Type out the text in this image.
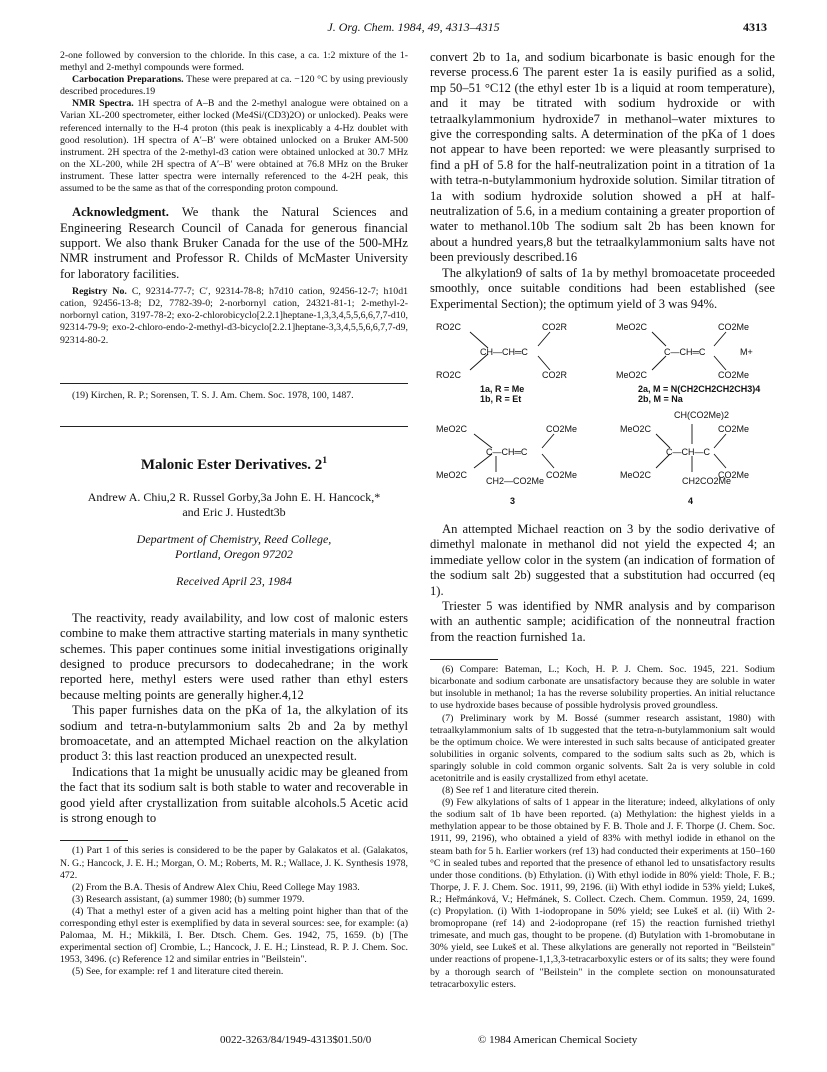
J. Org. Chem. 1984, 49, 4313–4315	4313

2-one followed by conversion to the chloride. In this case, a ca. 1:2 mixture of the 1-methyl and 2-methyl compounds were formed.

Carbocation Preparations. These were prepared at ca. −120 °C by using previously described procedures.19

NMR Spectra. 1H spectra of A–B and the 2-methyl analogue were obtained on a Varian XL-200 spectrometer, either locked (Me4Si/(CD3)2O) or unlocked). Peaks were referenced internally to the H-4 proton (this peak is inexplicably a 4-Hz doublet with good resolution). 1H spectra of A′–B′ were obtained unlocked on a Bruker AM-500 instrument. 2H spectra of the 2-methyl-d3 cation were obtained unlocked at 30.7 MHz on the XL-200, while 2H spectra of A′–B′ were obtained at 76.8 MHz on the Bruker instrument. These latter spectra were internally referenced to the 4-2H peak, this assumed to be the same as that of the corresponding proton compound.

Acknowledgment. We thank the Natural Sciences and Engineering Research Council of Canada for generous financial support. We also thank Bruker Canada for the use of the 500-MHz NMR instrument and Professor R. Childs of McMaster University for laboratory facilities.

Registry No. C, 92314-77-7; C′, 92314-78-8; h7d10 cation, 92456-12-7; h10d1 cation, 92456-13-8; D2, 7782-39-0; 2-norbornyl cation, 24321-81-1; 2-methyl-2-norbornyl cation, 3197-78-2; exo-2-chlorobicyclo[2.2.1]heptane-1,3,3,4,5,5,6,6,7,7-d10, 92314-79-9; exo-2-chloro-endo-2-methyl-d3-bicyclo[2.2.1]heptane-3,3,4,5,5,6,6,7,7-d9, 92314-80-2.

(19) Kirchen, R. P.; Sorensen, T. S. J. Am. Chem. Soc. 1978, 100, 1487.

Malonic Ester Derivatives. $2^1$

Andrew A. Chiu,2 R. Russel Gorby,3a John E. H. Hancock,*

and Eric J. Hustedt3b

Department of Chemistry, Reed College,

Portland, Oregon 97202

Received April 23, 1984

The reactivity, ready availability, and low cost of malonic esters combine to make them attractive starting materials in many synthetic schemes. This paper continues some initial investigations originally designed to produce precursors to dodecahedrane; in the work reported here, methyl esters were used rather than ethyl esters because melting points are generally higher.4,12

This paper furnishes data on the pKa of 1a, the alkylation of its sodium and tetra-n-butylammonium salts 2b and 2a by methyl bromoacetate, and an attempted Michael reaction on the alkylation product 3: this last reaction produced an unexpected result.

Indications that 1a might be unusually acidic may be gleaned from the fact that its sodium salt is both stable to water and recoverable in good yield after crystallization from suitable alcohols.5 Acetic acid is strong enough to

(1) Part 1 of this series is considered to be the paper by Galakatos et al. (Galakatos, N. G.; Hancock, J. E. H.; Morgan, O. M.; Roberts, M. R.; Wallace, J. K. Synthesis 1978, 472.

(2) From the B.A. Thesis of Andrew Alex Chiu, Reed College May 1983.

(3) Research assistant, (a) summer 1980; (b) summer 1979.

(4) That a methyl ester of a given acid has a melting point higher than that of the corresponding ethyl ester is exemplified by data in several sources: see, for example: (a) Palomaa, M. H.; Mikkilä, I. Ber. Dtsch. Chem. Ges. 1942, 75, 1659. (b) [The experimental section of] Crombie, L.; Hancock, J. E. H.; Linstead, R. P. J. Chem. Soc. 1953, 3496. (c) Reference 12 and similar entries in "Beilstein".

(5) See, for example: ref 1 and literature cited therein.

convert 2b to 1a, and sodium bicarbonate is basic enough for the reverse process.6 The parent ester 1a is easily purified as a solid, mp 50–51 °C12 (the ethyl ester 1b is a liquid at room temperature), and it may be titrated with sodium hydroxide or with tetraalkylammonium hydroxide7 in methanol–water mixtures to give the corresponding salts. A determination of the pKa of 1 does not appear to have been reported: we were pleasantly surprised to find a pH of 5.8 for the half-neutralization point in a titration of 1a with tetra-n-butylammonium hydroxide solution. Similar titration of 1a with sodium hydroxide solution showed a pH at half-neutralization of 5.6, in a medium containing a greater proportion of water to methanol.10b The sodium salt 2b has been known for about a hundred years,8 but the tetraalkylammonium salts have not been previously described.16

The alkylation9 of salts of 1a by methyl bromoacetate proceeded smoothly, once suitable conditions had been established (see Experimental Section); the optimum yield of 3 was 94%.

RO2C
RO2C
CH—CH═C
CO2R
CO2R
1a, R = Me
1b, R = Et
MeO2C
MeO2C
C—CH═C
CO2Me
CO2Me
M+
2a, M = N(CH2CH2CH2CH3)4
2b, M = Na
MeO2C
MeO2C
C—CH═C
CO2Me
CO2Me
CH2—CO2Me
3
CH(CO2Me)2
MeO2C
MeO2C
C—CH—C
CO2Me
CO2Me
CH2CO2Me
4

An attempted Michael reaction on 3 by the sodio derivative of dimethyl malonate in methanol did not yield the expected 4; an immediate yellow color in the system (an indication of formation of the sodium salt 2b) suggested that a substitution had occurred (eq 1).

Triester 5 was identified by NMR analysis and by comparison with an authentic sample; acidification of the nonneutral fraction from the reaction furnished 1a.

(6) Compare: Bateman, L.; Koch, H. P. J. Chem. Soc. 1945, 221. Sodium bicarbonate and sodium carbonate are unsatisfactory because they are soluble in water but insoluble in methanol; 1a has the reverse solubility properties. An initial reluctance to use hydroxide bases because of possible hydrolysis proved groundless.

(7) Preliminary work by M. Bossé (summer research assistant, 1980) with tetraalkylammonium salts of 1b suggested that the tetra-n-butylammonium salt would be the optimum choice. We were interested in such salts because of anticipated greater solubilities in organic solvents, compared to the sodium salts such as 2b, which is sparingly soluble in cold common organic solvents. Salt 2a is very soluble in cold acetonitrile and is easily crystallized from ethyl acetate.

(8) See ref 1 and literature cited therein.

(9) Few alkylations of salts of 1 appear in the literature; indeed, alkylations of only the sodium salt of 1b have been reported. (a) Methylation: the highest yields in a methylation appear to be those obtained by F. B. Thole and J. F. Thorpe (J. Chem. Soc. 1911, 99, 2196), who obtained a yield of 83% with methyl iodide in ethanol on the steam bath for 5 h. Earlier workers (ref 13) had conducted their experiments at 150–160 °C in sealed tubes and reported that the presence of ethanol led to unsatisfactory results under those conditions. (b) Ethylation. (i) With ethyl iodide in 80% yield: Thole, F. B.; Thorpe, J. F. J. Chem. Soc. 1911, 99, 2196. (ii) With ethyl iodide in 53% yield; Lukeš, R.; Heřmánková, V.; Heřmánek, S. Collect. Czech. Chem. Commun. 1959, 24, 1699. (c) Propylation. (i) With 1-iodopropane in 50% yield; see Lukeš et al. (ii) With 2-bromopropane (ref 14) and 2-iodopropane (ref 15) the reaction furnished triethyl trimesate, and much gas, thought to be propene. (d) Butylation with 1-bromobutane in 30% yield, see Lukeš et al. These alkylations are generally not reported in "Beilstein" under reactions of propene-1,1,3,3-tetracarboxylic esters or of its salts; they were found by a thorough search of "Beilstein" in the complete section on monounsaturated tetracarboxylic esters.

0022-3263/84/1949-4313$01.50/0	© 1984 American Chemical Society
